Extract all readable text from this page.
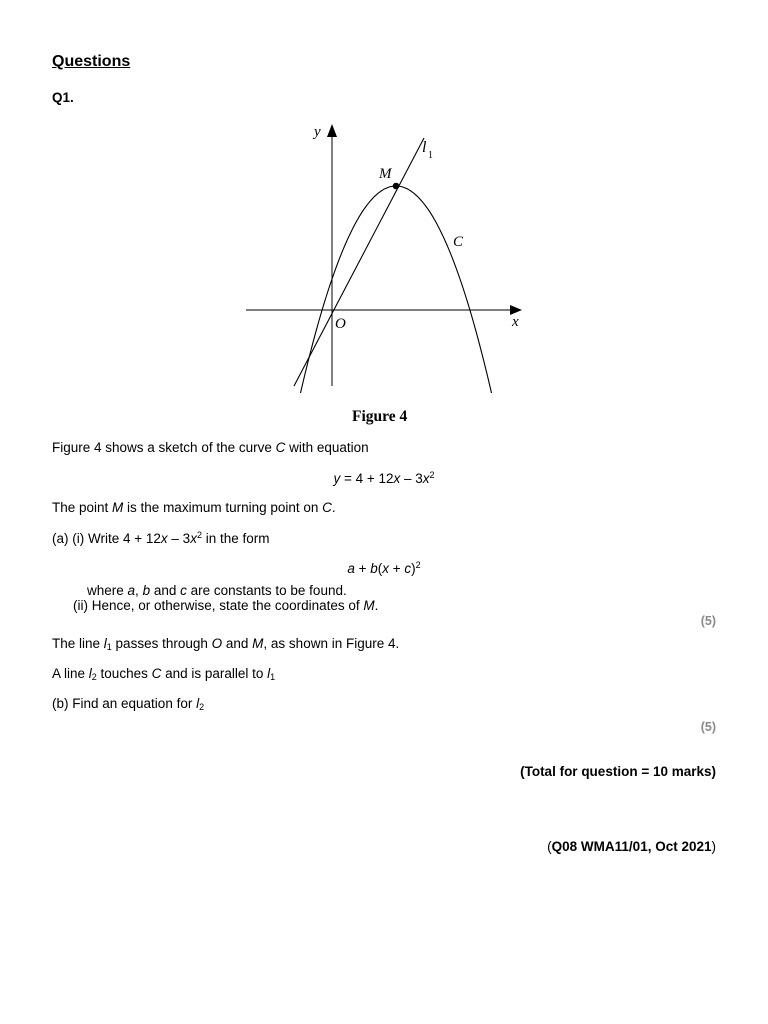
Questions
Q1.
y
x
O
M
C
l 1
Figure 4
Figure 4 shows a sketch of the curve C with equation
$y = 4 + 12x - 3x^2$
The point M is the maximum turning point on C.
(a) (i) Write $4 + 12x - 3x^2$ in the form
$a + b(x + c)^2$
where a, b and c are constants to be found.
(ii) Hence, or otherwise, state the coordinates of M.
(5)
The line $l_1$ passes through O and M, as shown in Figure 4.
A line $l_2$ touches C and is parallel to $l_1$
(b) Find an equation for $l_2$
(5)
(Total for question = 10 marks)
(Q08 WMA11/01, Oct 2021)
